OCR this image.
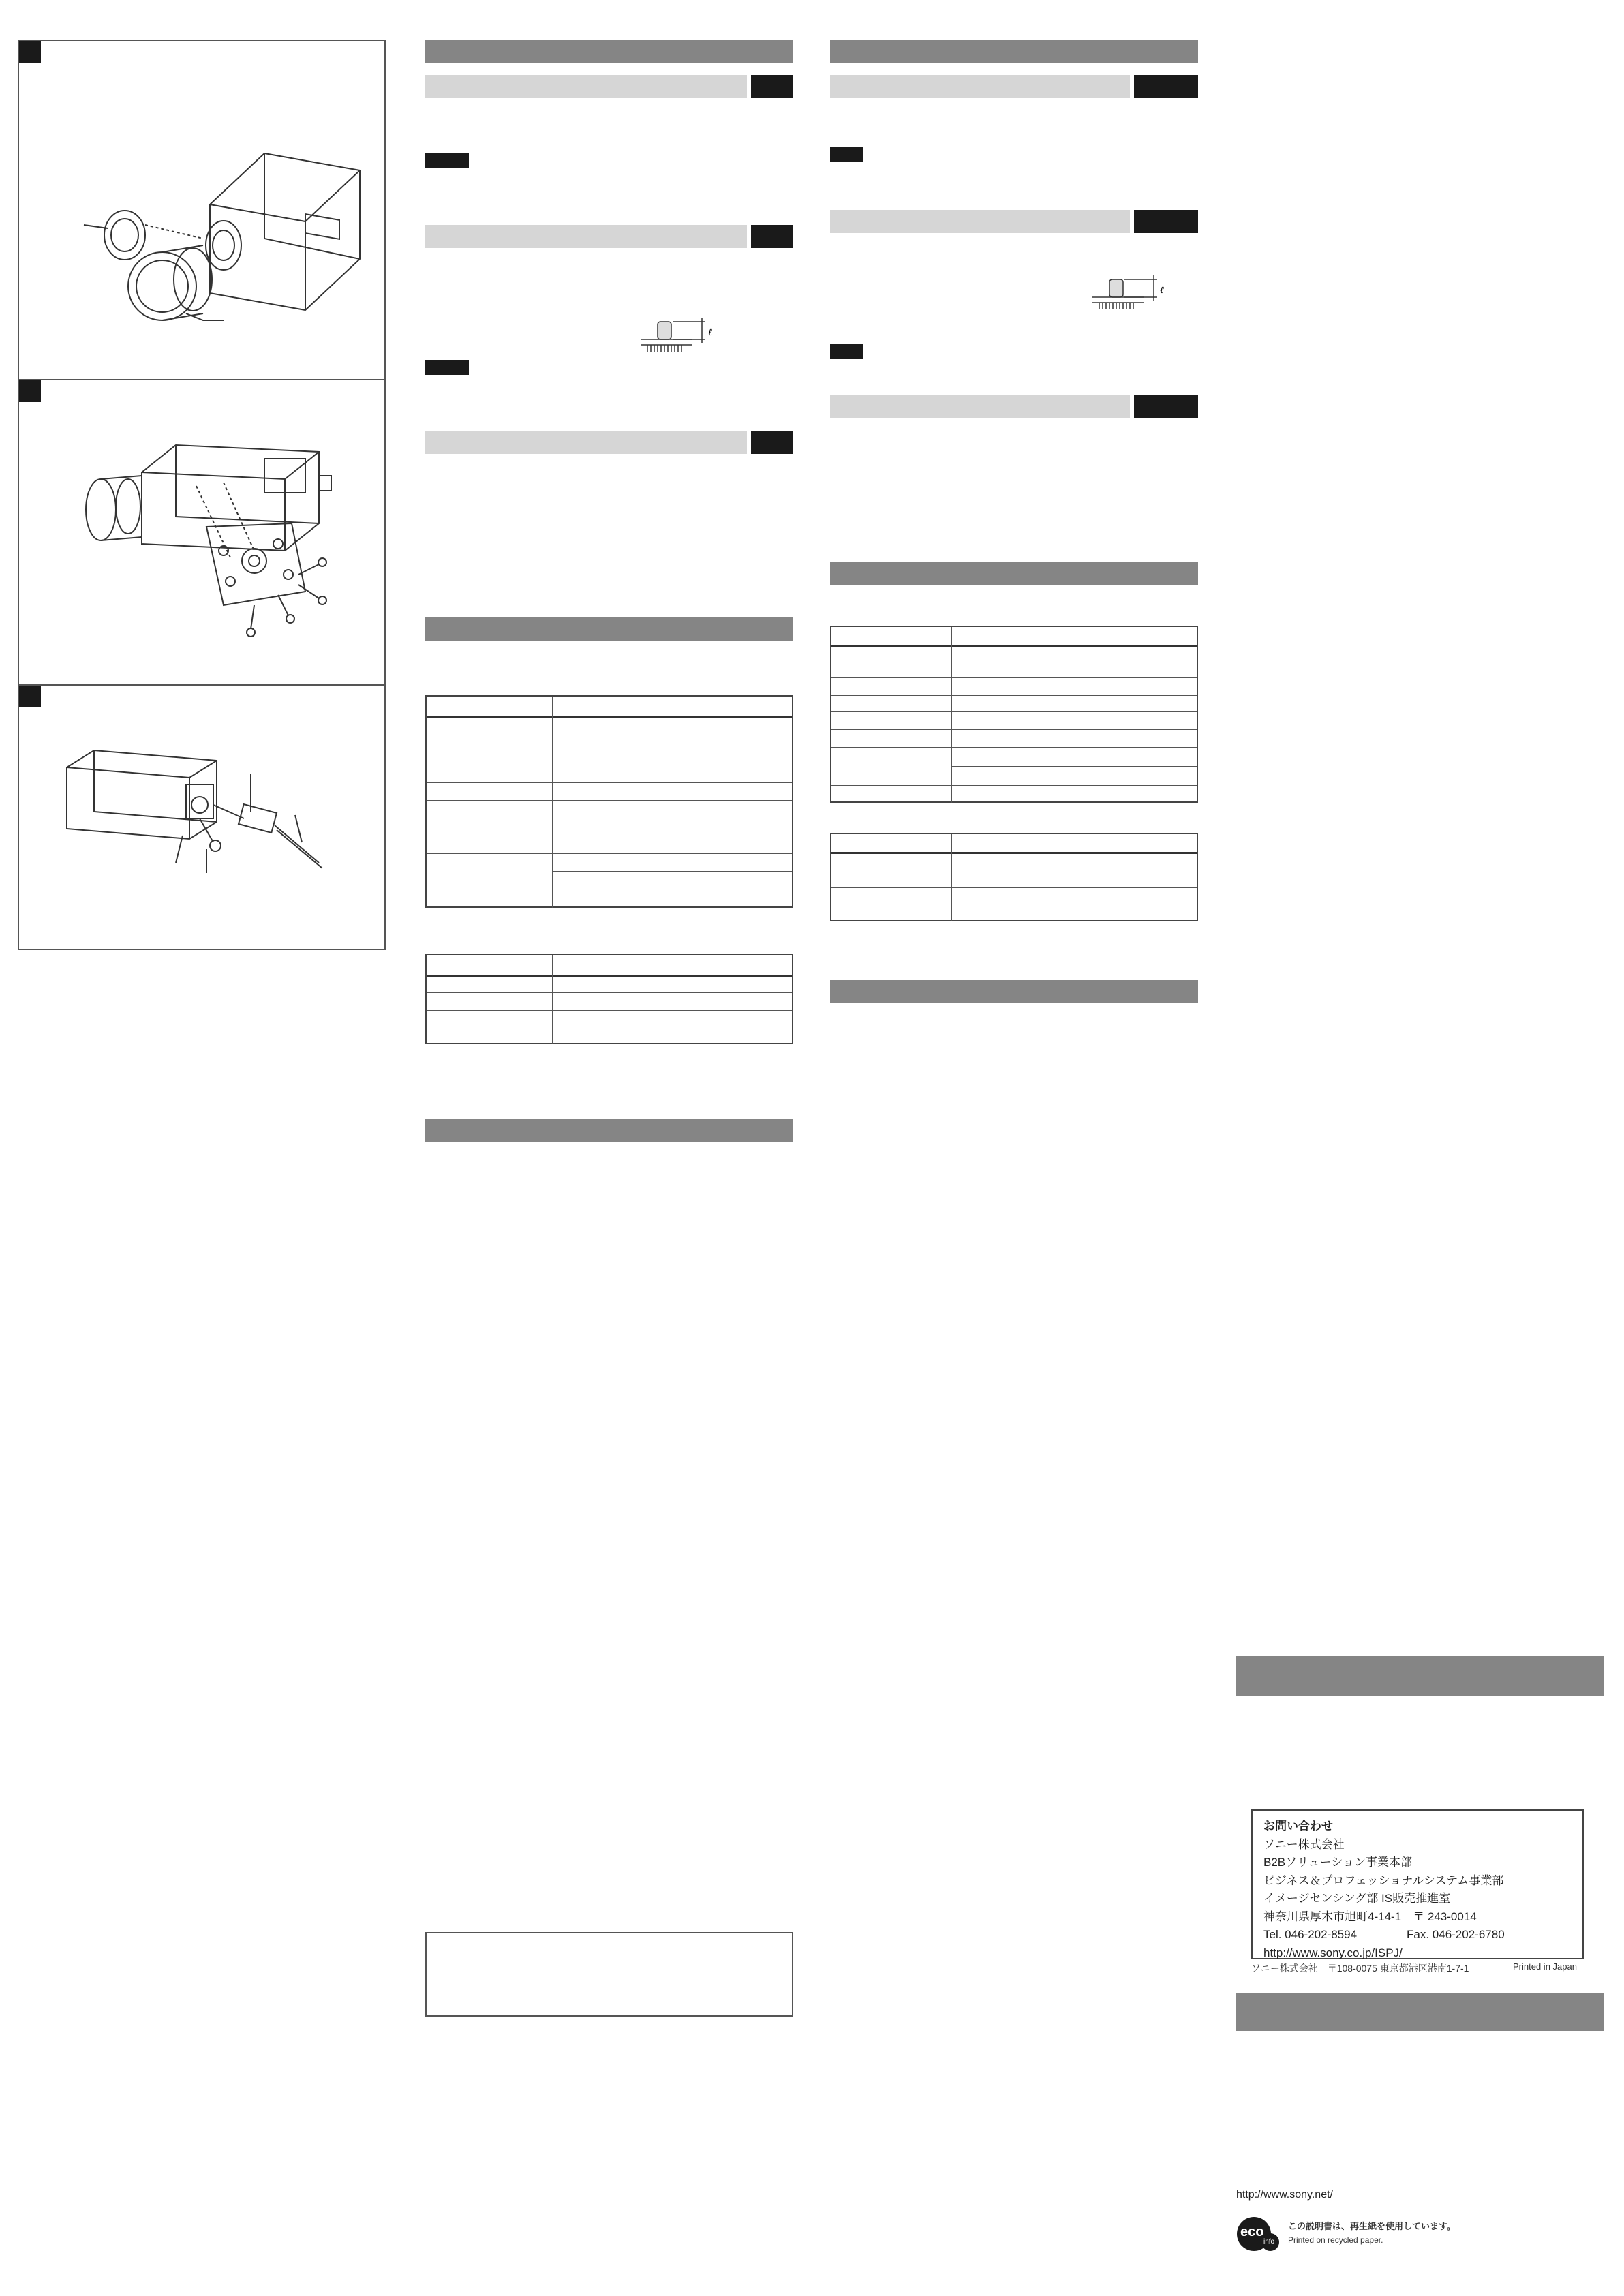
ℓ
ℓ
お問い合わせ
ソニー株式会社
B2Bソリューション事業本部
ビジネス＆プロフェッショナルシステム事業部
イメージセンシング部 IS販売推進室
神奈川県厚木市旭町4-14-1　〒 243-0014
Tel. 046-202-8594	Fax. 046-202-6780
http://www.sony.co.jp/ISPJ/
ソニー株式会社　〒108-0075 東京都港区港南1-7-1	Printed in Japan
http://www.sony.net/
eco
info
この説明書は、再生紙を使用しています。
Printed on recycled paper.
